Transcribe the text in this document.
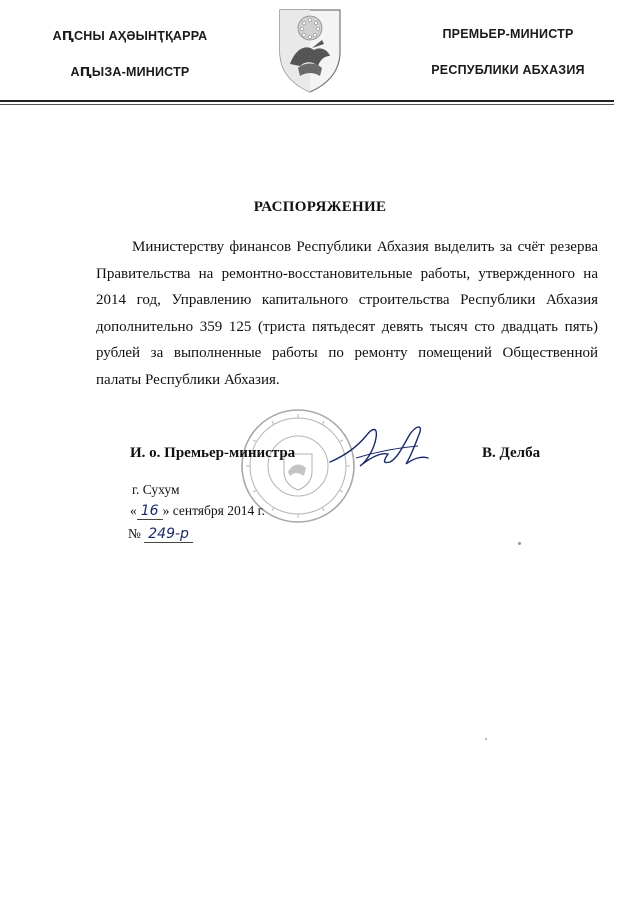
АԤСНЫ АҲӘЫНҬҚАРРА
АԤЫЗА-МИНИСТР
ПРЕМЬЕР-МИНИСТР
РЕСПУБЛИКИ АБХАЗИЯ
РАСПОРЯЖЕНИЕ
Министерству финансов Республики Абхазия выделить за счёт резерва
Правительства на ремонтно-восстановительные работы, утвержденного на
2014 год, Управлению капитального строительства Республики Абхазия
дополнительно 359 125 (триста пятьдесят девять тысяч сто двадцать пять)
рублей за выполненные работы по ремонту помещений Общественной
палаты Республики Абхазия.
И. о. Премьер-министра	В. Делба
г. Сухум
« 16 » сентября 2014 г.
№ 249-р
